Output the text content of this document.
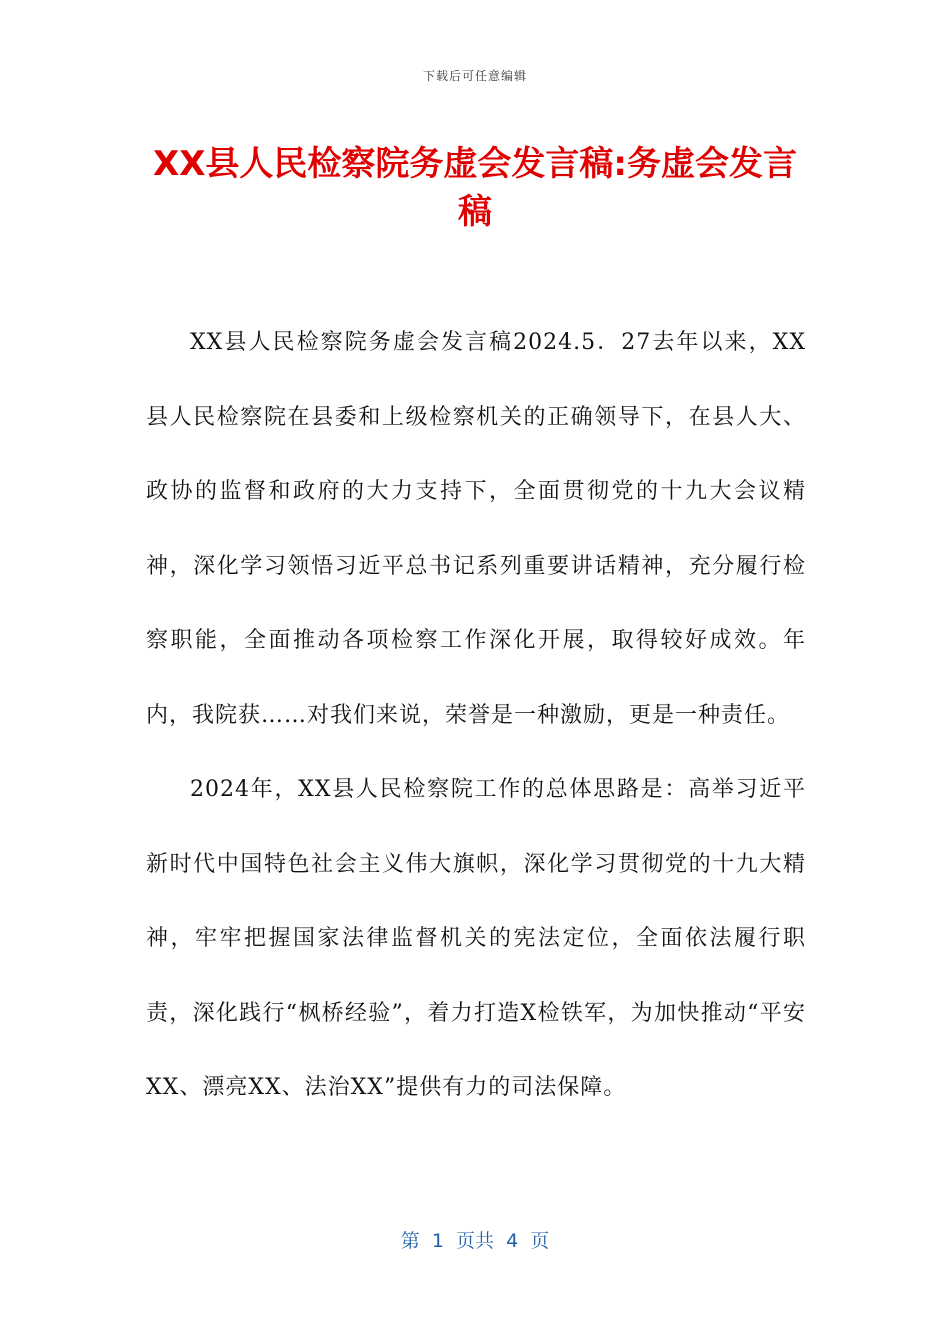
下载后可任意编辑
XX县人民检察院务虚会发言稿:务虚会发言稿

XX县人民检察院务虚会发言稿2024.5．27去年以来，XX县人民检察院在县委和上级检察机关的正确领导下，在县人大、政协的监督和政府的大力支持下，全面贯彻党的十九大会议精神，深化学习领悟习近平总书记系列重要讲话精神，充分履行检察职能，全面推动各项检察工作深化开展，取得较好成效。年内，我院获……对我们来说，荣誉是一种激励，更是一种责任。

2024年，XX县人民检察院工作的总体思路是：高举习近平新时代中国特色社会主义伟大旗帜，深化学习贯彻党的十九大精神，牢牢把握国家法律监督机关的宪法定位，全面依法履行职责，深化践行“枫桥经验”，着力打造X检铁军，为加快推动“平安XX、漂亮XX、法治XX”提供有力的司法保障。

第  1  页共  4  页
